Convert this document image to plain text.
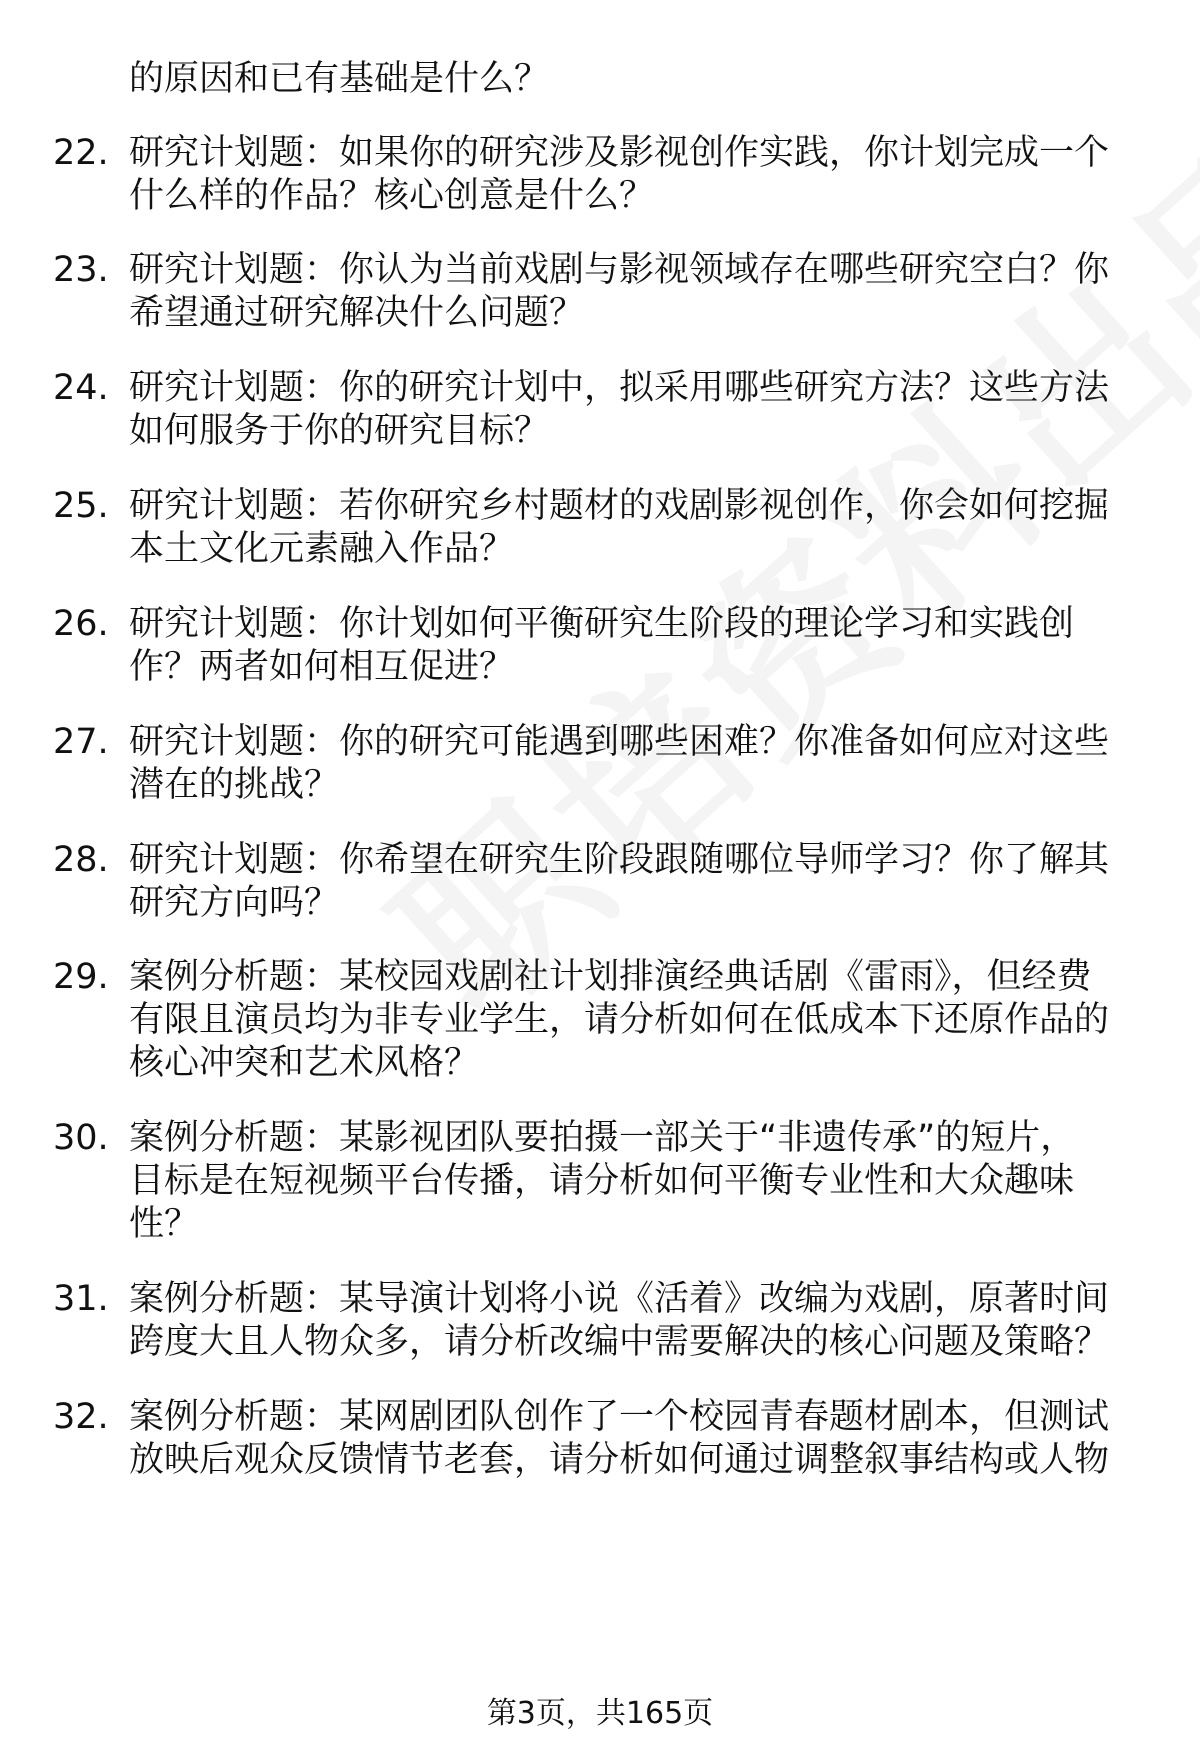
的原因和已有基础是什么？
22. 研究计划题：如果你的研究涉及影视创作实践，你计划完成一个
什么样的作品？核心创意是什么？
23. 研究计划题：你认为当前戏剧与影视领域存在哪些研究空白？你
希望通过研究解决什么问题？
24. 研究计划题：你的研究计划中，拟采用哪些研究方法？这些方法
如何服务于你的研究目标？
25. 研究计划题：若你研究乡村题材的戏剧影视创作，你会如何挖掘
本土文化元素融入作品？
26. 研究计划题：你计划如何平衡研究生阶段的理论学习和实践创
作？两者如何相互促进？
27. 研究计划题：你的研究可能遇到哪些困难？你准备如何应对这些
潜在的挑战？
28. 研究计划题：你希望在研究生阶段跟随哪位导师学习？你了解其
研究方向吗？
29. 案例分析题：某校园戏剧社计划排演经典话剧《雷雨》，但经费
有限且演员均为非专业学生，请分析如何在低成本下还原作品的
核心冲突和艺术风格？
30. 案例分析题：某影视团队要拍摄一部关于“非遗传承”的短片，
目标是在短视频平台传播，请分析如何平衡专业性和大众趣味
性？
31. 案例分析题：某导演计划将小说《活着》改编为戏剧，原著时间
跨度大且人物众多，请分析改编中需要解决的核心问题及策略？
32. 案例分析题：某网剧团队创作了一个校园青春题材剧本，但测试
放映后观众反馈情节老套，请分析如何通过调整叙事结构或人物
第3页，共165页
